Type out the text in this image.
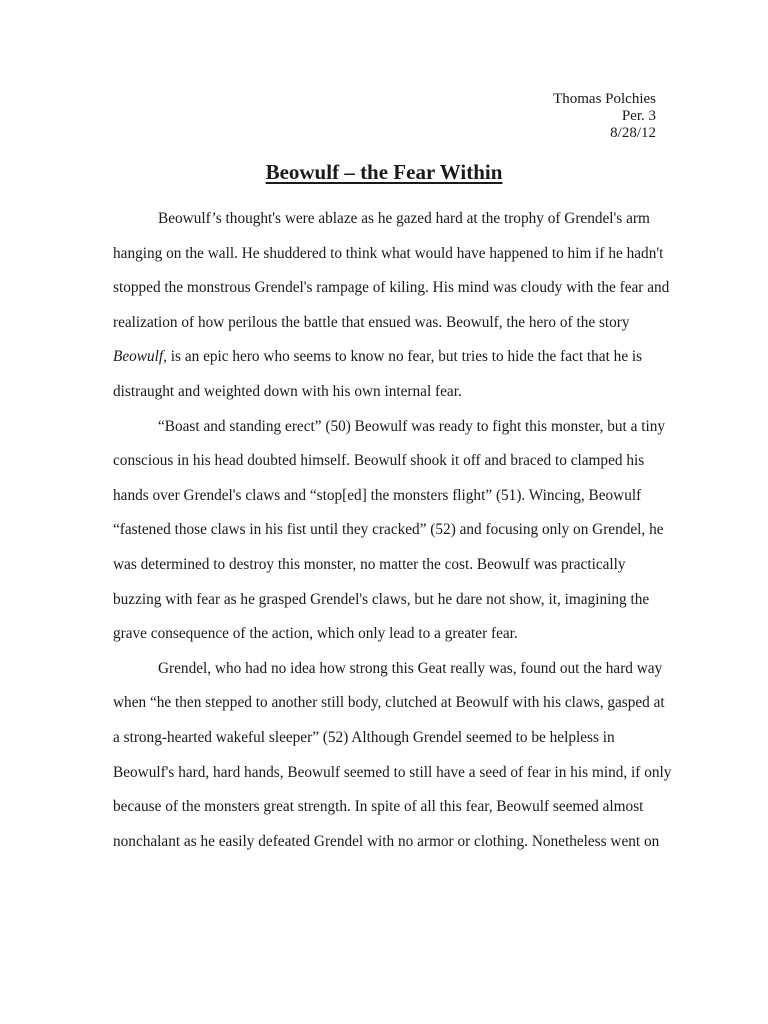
Thomas Polchies
Per. 3
8/28/12
Beowulf – the Fear Within
Beowulf’s thought's were ablaze as he gazed hard at the trophy of Grendel's arm
hanging on the wall. He shuddered to think what would have happened to him if he hadn't
stopped the monstrous Grendel's rampage of kiling. His mind was cloudy with the fear and
realization of how perilous the battle that ensued was. Beowulf, the hero of the story
Beowulf, is an epic hero who seems to know no fear, but tries to hide the fact that he is
distraught and weighted down with his own internal fear.
“Boast and standing erect” (50) Beowulf was ready to fight this monster, but a tiny
conscious in his head doubted himself. Beowulf shook it off and braced to clamped his
hands over Grendel's claws and “stop[ed] the monsters flight” (51). Wincing, Beowulf
“fastened those claws in his fist until they cracked” (52) and focusing only on Grendel, he
was determined to destroy this monster, no matter the cost. Beowulf was practically
buzzing with fear as he grasped Grendel's claws, but he dare not show, it, imagining the
grave consequence of the action, which only lead to a greater fear.
Grendel, who had no idea how strong this Geat really was, found out the hard way
when “he then stepped to another still body, clutched at Beowulf with his claws, gasped at
a strong-hearted wakeful sleeper” (52) Although Grendel seemed to be helpless in
Beowulf's hard, hard hands, Beowulf seemed to still have a seed of fear in his mind, if only
because of the monsters great strength. In spite of all this fear, Beowulf seemed almost
nonchalant as he easily defeated Grendel with no armor or clothing. Nonetheless went on
